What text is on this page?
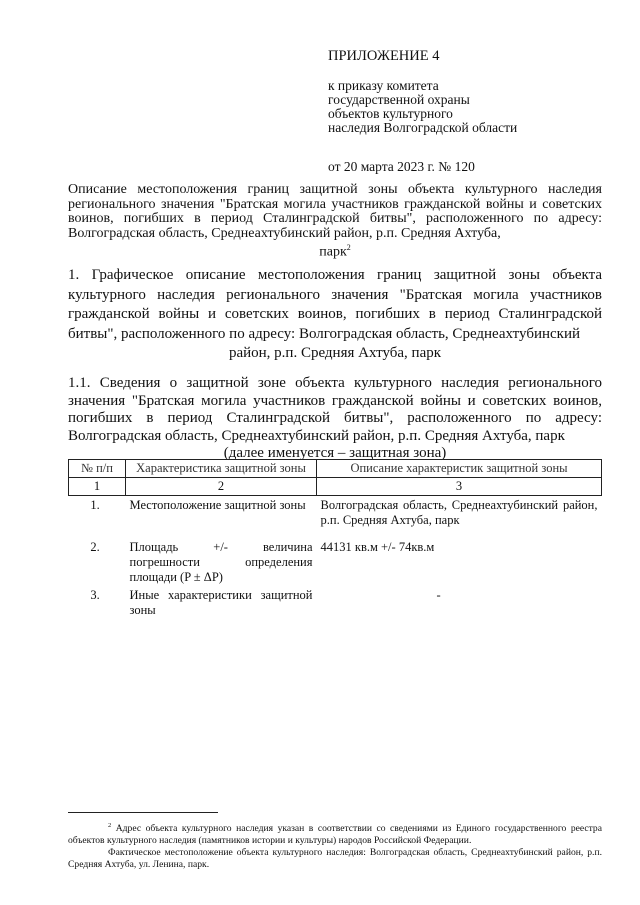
ПРИЛОЖЕНИЕ 4
к приказу комитета
государственной охраны
объектов культурного
наследия Волгоградской области
от 20 марта 2023 г. № 120
Описание местоположения границ защитной зоны объекта культурного наследия регионального значения "Братская могила участников гражданской войны и советских воинов, погибших в период Сталинградской битвы", расположенного по адресу: Волгоградская область, Среднеахтубинский район, р.п. Средняя Ахтуба,
парк$^2$
1. Графическое описание местоположения границ защитной зоны объекта культурного наследия регионального значения "Братская могила участников гражданской войны и советских воинов, погибших в период Сталинградской битвы", расположенного по адресу: Волгоградская область, Среднеахтубинский
район, р.п. Средняя Ахтуба, парк
1.1. Сведения о защитной зоне объекта культурного наследия регионального значения "Братская могила участников гражданской войны и советских воинов, погибших в период Сталинградской битвы", расположенного по адресу: Волгоградская область, Среднеахтубинский район, р.п. Средняя Ахтуба, парк
(далее именуется – защитная зона)
№ п/п	Характеристика защитной зоны	Описание характеристик защитной зоны
1	2	3
1.	Местоположение защитной зоны	Волгоградская область, Среднеахтубинский район, р.п. Средняя Ахтуба, парк
2.	Площадь +/- величина погрешности определения площади (P ± ΔP)	44131 кв.м +/- 74кв.м
3.	Иные характеристики защитной зоны	-

$^2$ Адрес объекта культурного наследия указан в соответствии со сведениями из Единого государственного реестра объектов культурного наследия (памятников истории и культуры) народов Российской Федерации.

Фактическое местоположение объекта культурного наследия: Волгоградская область, Среднеахтубинский район, р.п. Средняя Ахтуба, ул. Ленина, парк.
